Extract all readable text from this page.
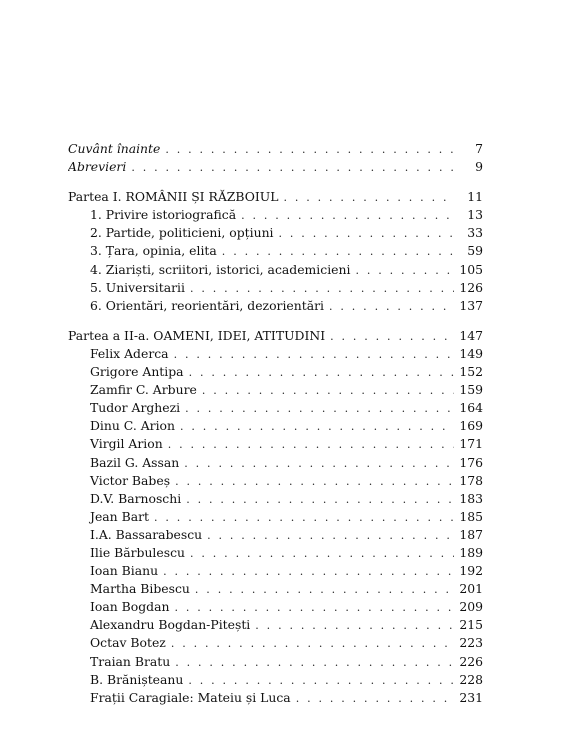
Cuvânt înainte . . .	7
Abrevieri . . .	9
Partea I. ROMÂNII ȘI RĂZBOIUL . . .	11
1. Privire istoriografică . . .	13
2. Partide, politicieni, opțiuni . . .	33
3. Țara, opinia, elita . . .	59
4. Ziariști, scriitori, istorici, academicieni . . .	105
5. Universitarii . . .	126
6. Orientări, reorientări, dezorientări . . .	137
Partea a II-a. OAMENI, IDEI, ATITUDINI . . .	147
Felix Aderca . . .	149
Grigore Antipa . . .	152
Zamfir C. Arbure . . .	159
Tudor Arghezi . . .	164
Dinu C. Arion . . .	169
Virgil Arion . . .	171
Bazil G. Assan . . .	176
Victor Babeș . . .	178
D.V. Barnoschi . . .	183
Jean Bart . . .	185
I.A. Bassarabescu . . .	187
Ilie Bărbulescu . . .	189
Ioan Bianu . . .	192
Martha Bibescu . . .	201
Ioan Bogdan . . .	209
Alexandru Bogdan-Pitești . . .	215
Octav Botez . . .	223
Traian Bratu . . .	226
B. Brănișteanu . . .	228
Frații Caragiale: Mateiu și Luca . . .	231
